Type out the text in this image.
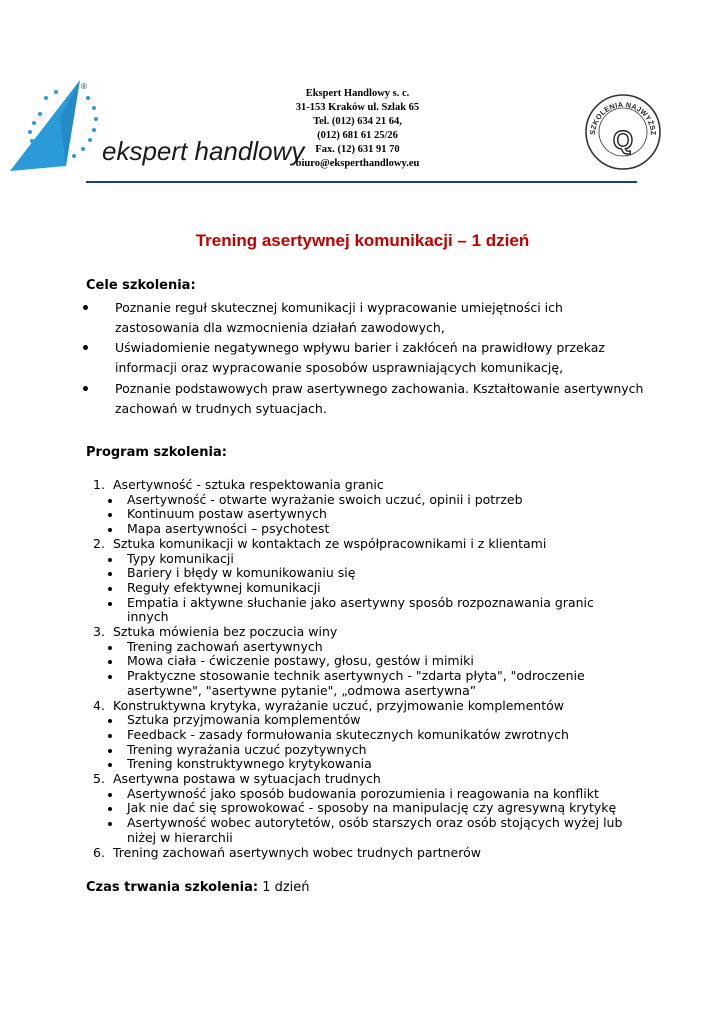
ekspert handlowy
®
Ekspert Handlowy s. c.
31-153 Kraków ul. Szlak 65
Tel. (012) 634 21 64,
(012) 681 61 25/26
Fax. (12) 631 91 70
biuro@eksperthandlowy.eu
SZKOLENIA NAJWYŻSZ
Q
Trening asertywnej komunikacji – 1 dzień
Cele szkolenia:
Poznanie reguł skutecznej komunikacji i wypracowanie umiejętności ich
zastosowania dla wzmocnienia działań zawodowych,
Uświadomienie negatywnego wpływu barier i zakłóceń na prawidłowy przekaz
informacji oraz wypracowanie sposobów usprawniających komunikację,
Poznanie podstawowych praw asertywnego zachowania. Kształtowanie asertywnych
zachowań w trudnych sytuacjach.
Program szkolenia:
1. Asertywność - sztuka respektowania granic
Asertywność - otwarte wyrażanie swoich uczuć, opinii i potrzeb
Kontinuum postaw asertywnych
Mapa asertywności – psychotest
2. Sztuka komunikacji w kontaktach ze współpracownikami i z klientami
Typy komunikacji
Bariery i błędy w komunikowaniu się
Reguły efektywnej komunikacji
Empatia i aktywne słuchanie jako asertywny sposób rozpoznawania granic
innych
3. Sztuka mówienia bez poczucia winy
Trening zachowań asertywnych
Mowa ciała - ćwiczenie postawy, głosu, gestów i mimiki
Praktyczne stosowanie technik asertywnych - "zdarta płyta", "odroczenie
asertywne", "asertywne pytanie", „odmowa asertywna”
4. Konstruktywna krytyka, wyrażanie uczuć, przyjmowanie komplementów
Sztuka przyjmowania komplementów
Feedback - zasady formułowania skutecznych komunikatów zwrotnych
Trening wyrażania uczuć pozytywnych
Trening konstruktywnego krytykowania
5. Asertywna postawa w sytuacjach trudnych
Asertywność jako sposób budowania porozumienia i reagowania na konflikt
Jak nie dać się sprowokować - sposoby na manipulację czy agresywną krytykę
Asertywność wobec autorytetów, osób starszych oraz osób stojących wyżej lub
niżej w hierarchii
6. Trening zachowań asertywnych wobec trudnych partnerów
Czas trwania szkolenia: 1 dzień
